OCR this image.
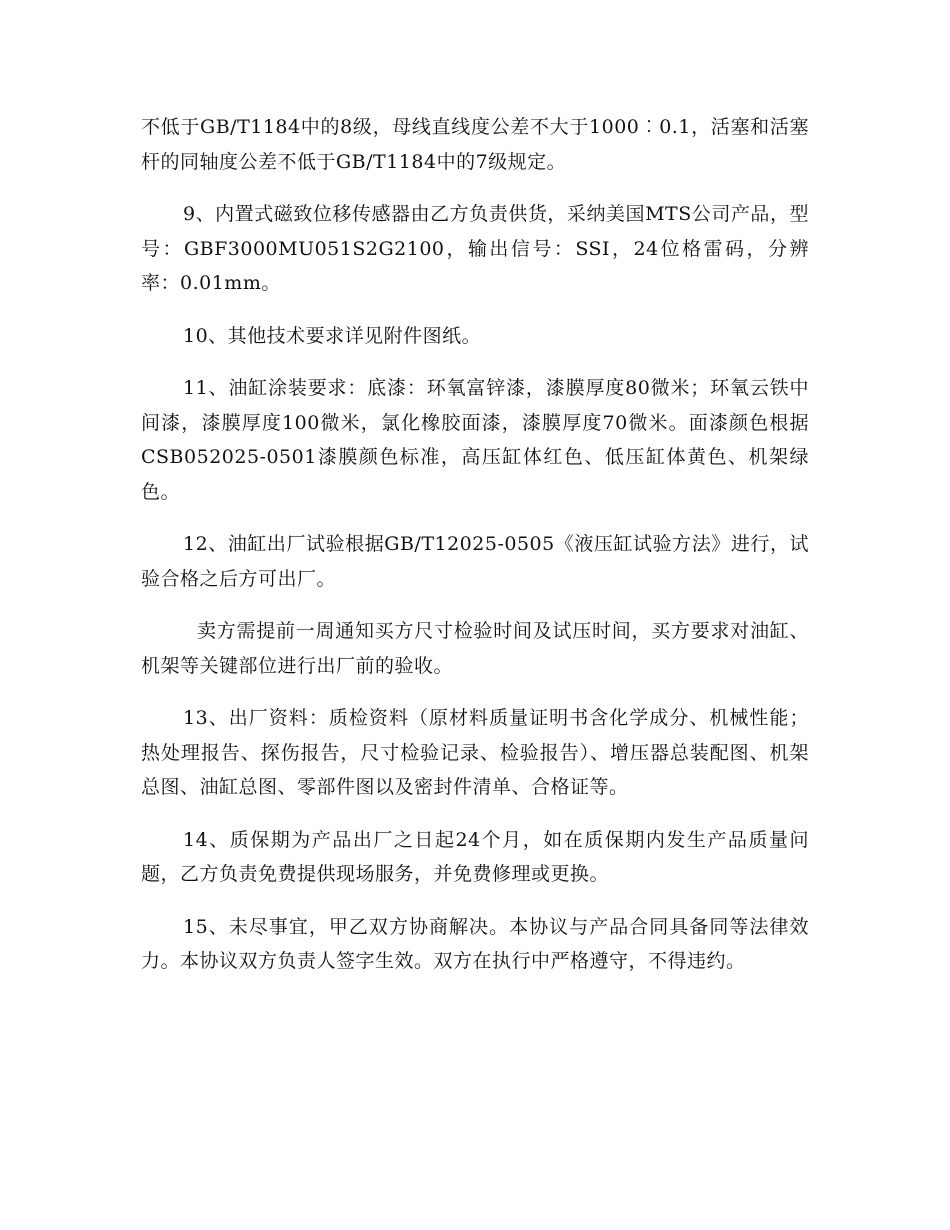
不低于GB/T1184中的8级，母线直线度公差不大于1000︰0.1，活塞和活塞杆的同轴度公差不低于GB/T1184中的7级规定。

9、内置式磁致位移传感器由乙方负责供货，采纳美国MTS公司产品，型号：GBF3000MU051S2G2100，输出信号：SSI，24位格雷码，分辨率：0.01mm。

10、其他技术要求详见附件图纸。

11、油缸涂装要求：底漆：环氧富锌漆，漆膜厚度80微米；环氧云铁中间漆，漆膜厚度100微米，氯化橡胶面漆，漆膜厚度70微米。面漆颜色根据CSB052025-0501漆膜颜色标准，高压缸体红色、低压缸体黄色、机架绿色。

12、油缸出厂试验根据GB/T12025-0505《液压缸试验方法》进行，试验合格之后方可出厂。

卖方需提前一周通知买方尺寸检验时间及试压时间，买方要求对油缸、机架等关键部位进行出厂前的验收。

13、出厂资料：质检资料（原材料质量证明书含化学成分、机械性能；热处理报告、探伤报告，尺寸检验记录、检验报告）、增压器总装配图、机架总图、油缸总图、零部件图以及密封件清单、合格证等。

14、质保期为产品出厂之日起24个月，如在质保期内发生产品质量问题，乙方负责免费提供现场服务，并免费修理或更换。

15、未尽事宜，甲乙双方协商解决。本协议与产品合同具备同等法律效力。本协议双方负责人签字生效。双方在执行中严格遵守，不得违约。
